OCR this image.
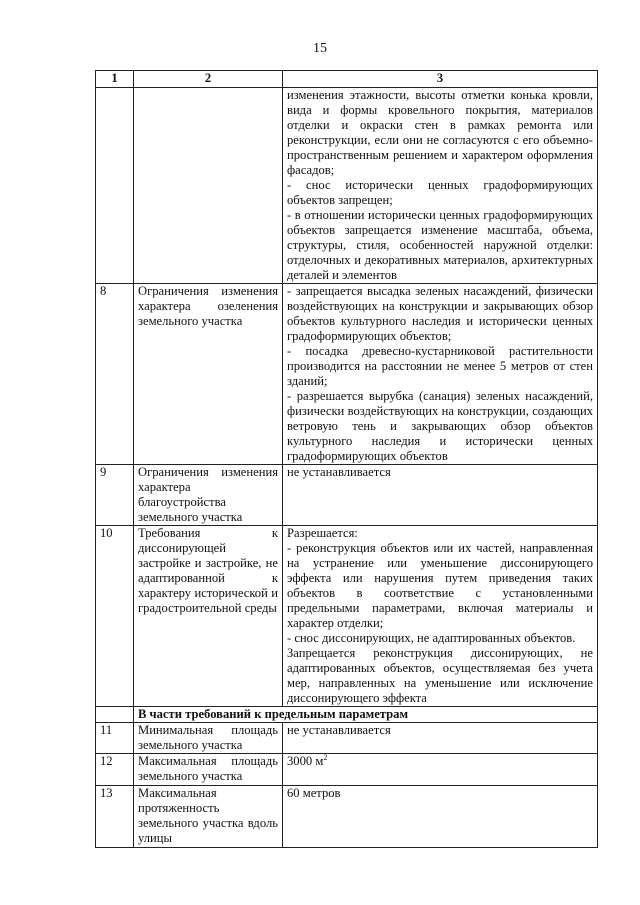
15
1	2	3

		изменения этажности, высоты отметки конька кровли, вида и формы кровельного покрытия, материалов отделки и окраски стен в рамках ремонта или реконструкции, если они не согласуются с его объемно-пространственным решением и характером оформления фасадов;
- снос исторически ценных градоформирующих объектов запрещен;
- в отношении исторически ценных градоформирующих объектов запрещается изменение масштаба, объема, структуры, стиля, особенностей наружной отделки: отделочных и декоративных материалов, архитектурных деталей и элементов

8	Ограничения изменения характера озеленения земельного участка	- запрещается высадка зеленых насаждений, физически воздействующих на конструкции и закрывающих обзор объектов культурного наследия и исторически ценных градоформирующих объектов;
- посадка древесно-кустарниковой растительности производится на расстоянии не менее 5 метров от стен зданий;
- разрешается вырубка (санация) зеленых насаждений, физически воздействующих на конструкции, создающих ветровую тень и закрывающих обзор объектов культурного наследия и исторически ценных градоформирующих объектов

9	Ограничения изменения характера благоустройства земельного участка	не устанавливается
10	Требования к диссонирующей застройке и застройке, не адаптированной к характеру исторической и градостроительной среды	Разрешается:
- реконструкция объектов или их частей, направленная на устранение или уменьшение диссонирующего эффекта или нарушения путем приведения таких объектов в соответствие с установленными предельными параметрами, включая материалы и характер отделки;
- снос диссонирующих, не адаптированных объектов.
Запрещается реконструкция диссонирующих, не адаптированных объектов, осуществляемая без учета мер, направленных на уменьшение или исключение диссонирующего эффекта

	В части требований к предельным параметрам	
11	Минимальная площадь земельного участка	не устанавливается
12	Максимальная площадь земельного участка	3000 $м^2$
13	Максимальная протяженность земельного участка вдоль улицы	60 метров
